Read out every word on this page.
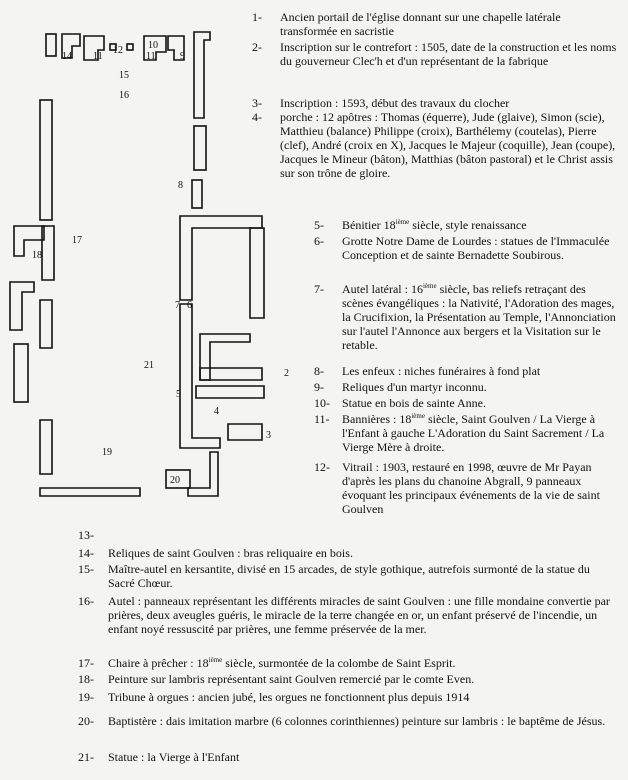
14 11
12	10
11 9
15
16
8
17
18
7 6
21
2
5
4
3
19
20
1- Ancien portail de l'église donnant sur une chapelle latérale transformée en sacristie
2- Inscription sur le contrefort : 1505, date de la construction et les noms du gouverneur Clec'h et d'un représentant de la fabrique
3- Inscription : 1593, début des travaux du clocher
4- porche : 12 apôtres : Thomas (équerre), Jude (glaive), Simon (scie), Matthieu (balance) Philippe (croix), Barthélemy (coutelas), Pierre (clef), André (croix en X), Jacques le Majeur (coquille), Jean (coupe), Jacques le Mineur (bâton), Matthias (bâton pastoral) et le Christ assis sur son trône de gloire.
5- Bénitier 18ième siècle, style renaissance
6- Grotte Notre Dame de Lourdes : statues de l'Immaculée Conception et de sainte Bernadette Soubirous.
7- Autel latéral : 16ième siècle, bas reliefs retraçant des scènes évangéliques : la Nativité, l'Adoration des mages, la Crucifixion, la Présentation au Temple, l'Annonciation sur l'autel l'Annonce aux bergers et la Visitation sur le retable.
8- Les enfeux : niches funéraires à fond plat
9- Reliques d'un martyr inconnu.
10- Statue en bois de sainte Anne.
11- Bannières : 18ième siècle, Saint Goulven / La Vierge à l'Enfant à gauche L'Adoration du Saint Sacrement / La Vierge Mère à droite.
12- Vitrail : 1903, restauré en 1998, œuvre de Mr Payan d'après les plans du chanoine Abgrall, 9 panneaux évoquant les principaux événements de la vie de saint Goulven
13-
14- Reliques de saint Goulven : bras reliquaire en bois.
15- Maître-autel en kersantite, divisé en 15 arcades, de style gothique, autrefois surmonté de la statue du Sacré Chœur.
16- Autel : panneaux représentant les différents miracles de saint Goulven : une fille mondaine convertie par prières, deux aveugles guéris, le miracle de la terre changée en or, un enfant préservé de l'incendie, un enfant noyé ressuscité par prières, une femme préservée de la mer.
17- Chaire à prêcher : 18ième siècle, surmontée de la colombe de Saint Esprit.
18- Peinture sur lambris représentant saint Goulven remercié par le comte Even.
19- Tribune à orgues : ancien jubé, les orgues ne fonctionnent plus depuis 1914
20- Baptistère : dais imitation marbre (6 colonnes corinthiennes) peinture sur lambris : le baptême de Jésus.
21- Statue : la Vierge à l'Enfant
